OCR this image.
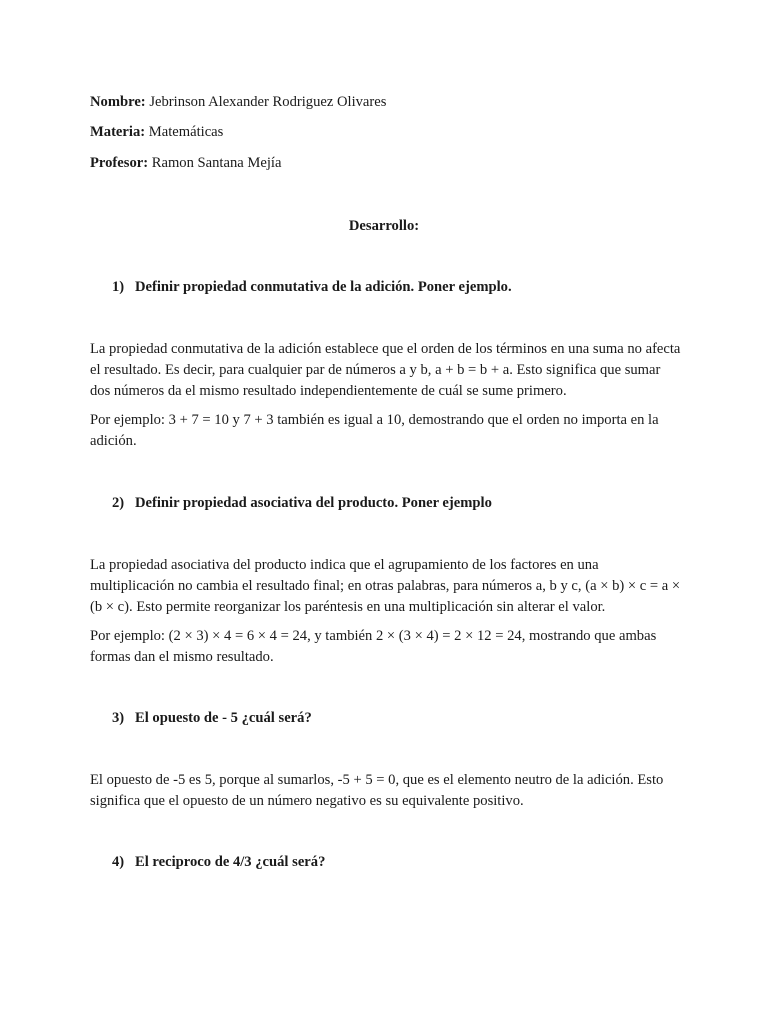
Nombre: Jebrinson Alexander Rodriguez Olivares
Materia: Matemáticas
Profesor: Ramon Santana Mejía
Desarrollo:
1) Definir propiedad conmutativa de la adición. Poner ejemplo.

La propiedad conmutativa de la adición establece que el orden de los términos en una suma no afecta el resultado. Es decir, para cualquier par de números a y b, a + b = b + a. Esto significa que sumar dos números da el mismo resultado independientemente de cuál se sume primero.

Por ejemplo: 3 + 7 = 10 y 7 + 3 también es igual a 10, demostrando que el orden no importa en la adición.

2) Definir propiedad asociativa del producto. Poner ejemplo

La propiedad asociativa del producto indica que el agrupamiento de los factores en una multiplicación no cambia el resultado final; en otras palabras, para números a, b y c, (a × b) × c = a × (b × c). Esto permite reorganizar los paréntesis en una multiplicación sin alterar el valor.

Por ejemplo: (2 × 3) × 4 = 6 × 4 = 24, y también 2 × (3 × 4) = 2 × 12 = 24, mostrando que ambas formas dan el mismo resultado.

3) El opuesto de - 5 ¿cuál será?

El opuesto de -5 es 5, porque al sumarlos, -5 + 5 = 0, que es el elemento neutro de la adición. Esto significa que el opuesto de un número negativo es su equivalente positivo.

4) El reciproco de 4/3 ¿cuál será?
